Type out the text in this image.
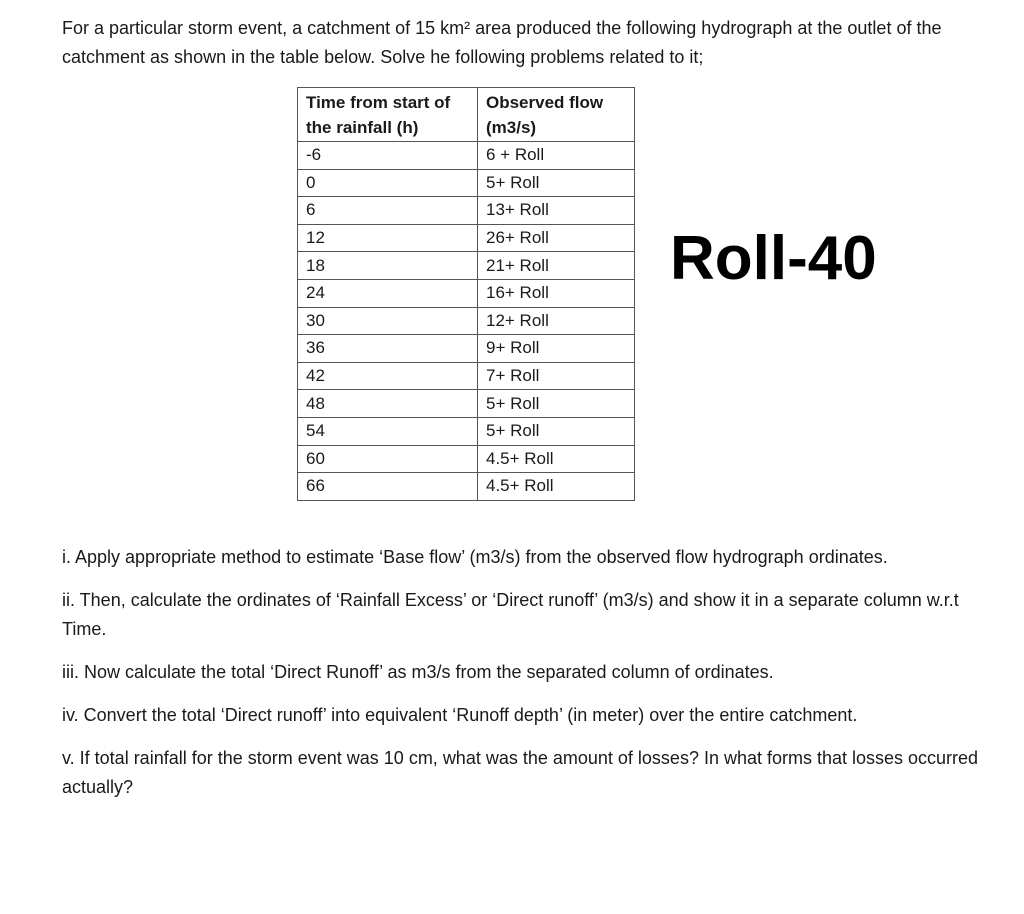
For a particular storm event, a catchment of 15 km² area produced the following hydrograph at the outlet of the catchment as shown in the table below. Solve he following problems related to it;

Time from start of the rainfall (h)	Observed flow (m3/s)
-6	6 + Roll
0	5+ Roll
6	13+ Roll
12	26+ Roll
18	21+ Roll
24	16+ Roll
30	12+ Roll
36	9+ Roll
42	7+ Roll
48	5+ Roll
54	5+ Roll
60	4.5+ Roll
66	4.5+ Roll

Roll-40

i. Apply appropriate method to estimate ‘Base flow’ (m3/s) from the observed flow hydrograph ordinates.

ii. Then, calculate the ordinates of ‘Rainfall Excess’ or ‘Direct runoff’ (m3/s) and show it in a separate column w.r.t Time.

iii. Now calculate the total ‘Direct Runoff’ as m3/s from the separated column of ordinates.

iv. Convert the total ‘Direct runoff’ into equivalent ‘Runoff depth’ (in meter) over the entire catchment.

v. If total rainfall for the storm event was 10 cm, what was the amount of losses? In what forms that losses occurred actually?
